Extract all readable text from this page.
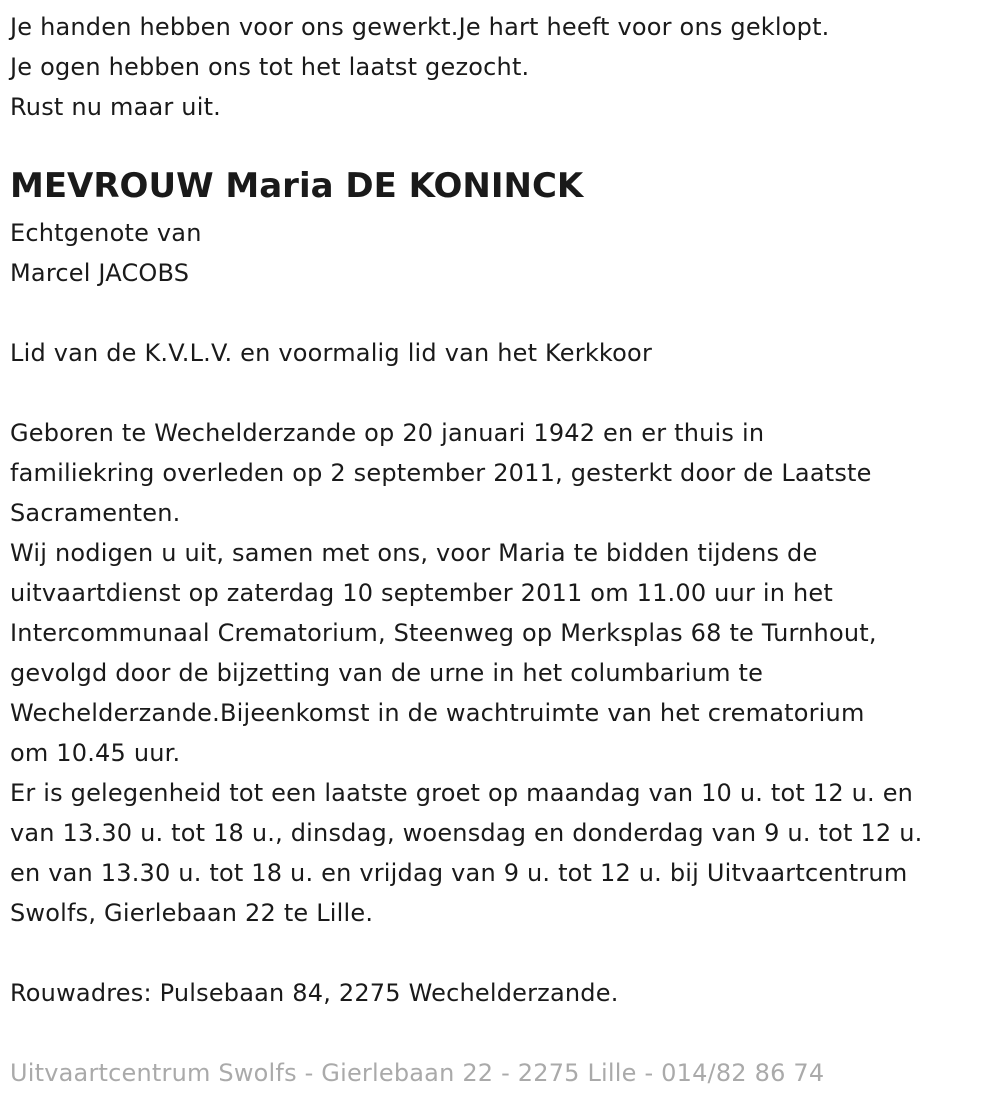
Je handen hebben voor ons gewerkt.Je hart heeft voor ons geklopt.
Je ogen hebben ons tot het laatst gezocht.
Rust nu maar uit.
MEVROUW Maria DE KONINCK
Echtgenote van
Marcel JACOBS
Lid van de K.V.L.V. en voormalig lid van het Kerkkoor
Geboren te Wechelderzande op 20 januari 1942 en er thuis in
familiekring overleden op 2 september 2011, gesterkt door de Laatste
Sacramenten.
Wij nodigen u uit, samen met ons, voor Maria te bidden tijdens de
uitvaartdienst op zaterdag 10 september 2011 om 11.00 uur in het
Intercommunaal Crematorium, Steenweg op Merksplas 68 te Turnhout,
gevolgd door de bijzetting van de urne in het columbarium te
Wechelderzande.Bijeenkomst in de wachtruimte van het crematorium
om 10.45 uur.
Er is gelegenheid tot een laatste groet op maandag van 10 u. tot 12 u. en
van 13.30 u. tot 18 u., dinsdag, woensdag en donderdag van 9 u. tot 12 u.
en van 13.30 u. tot 18 u. en vrijdag van 9 u. tot 12 u. bij Uitvaartcentrum
Swolfs, Gierlebaan 22 te Lille.
Rouwadres: Pulsebaan 84, 2275 Wechelderzande.
Uitvaartcentrum Swolfs - Gierlebaan 22 - 2275 Lille - 014/82 86 74
